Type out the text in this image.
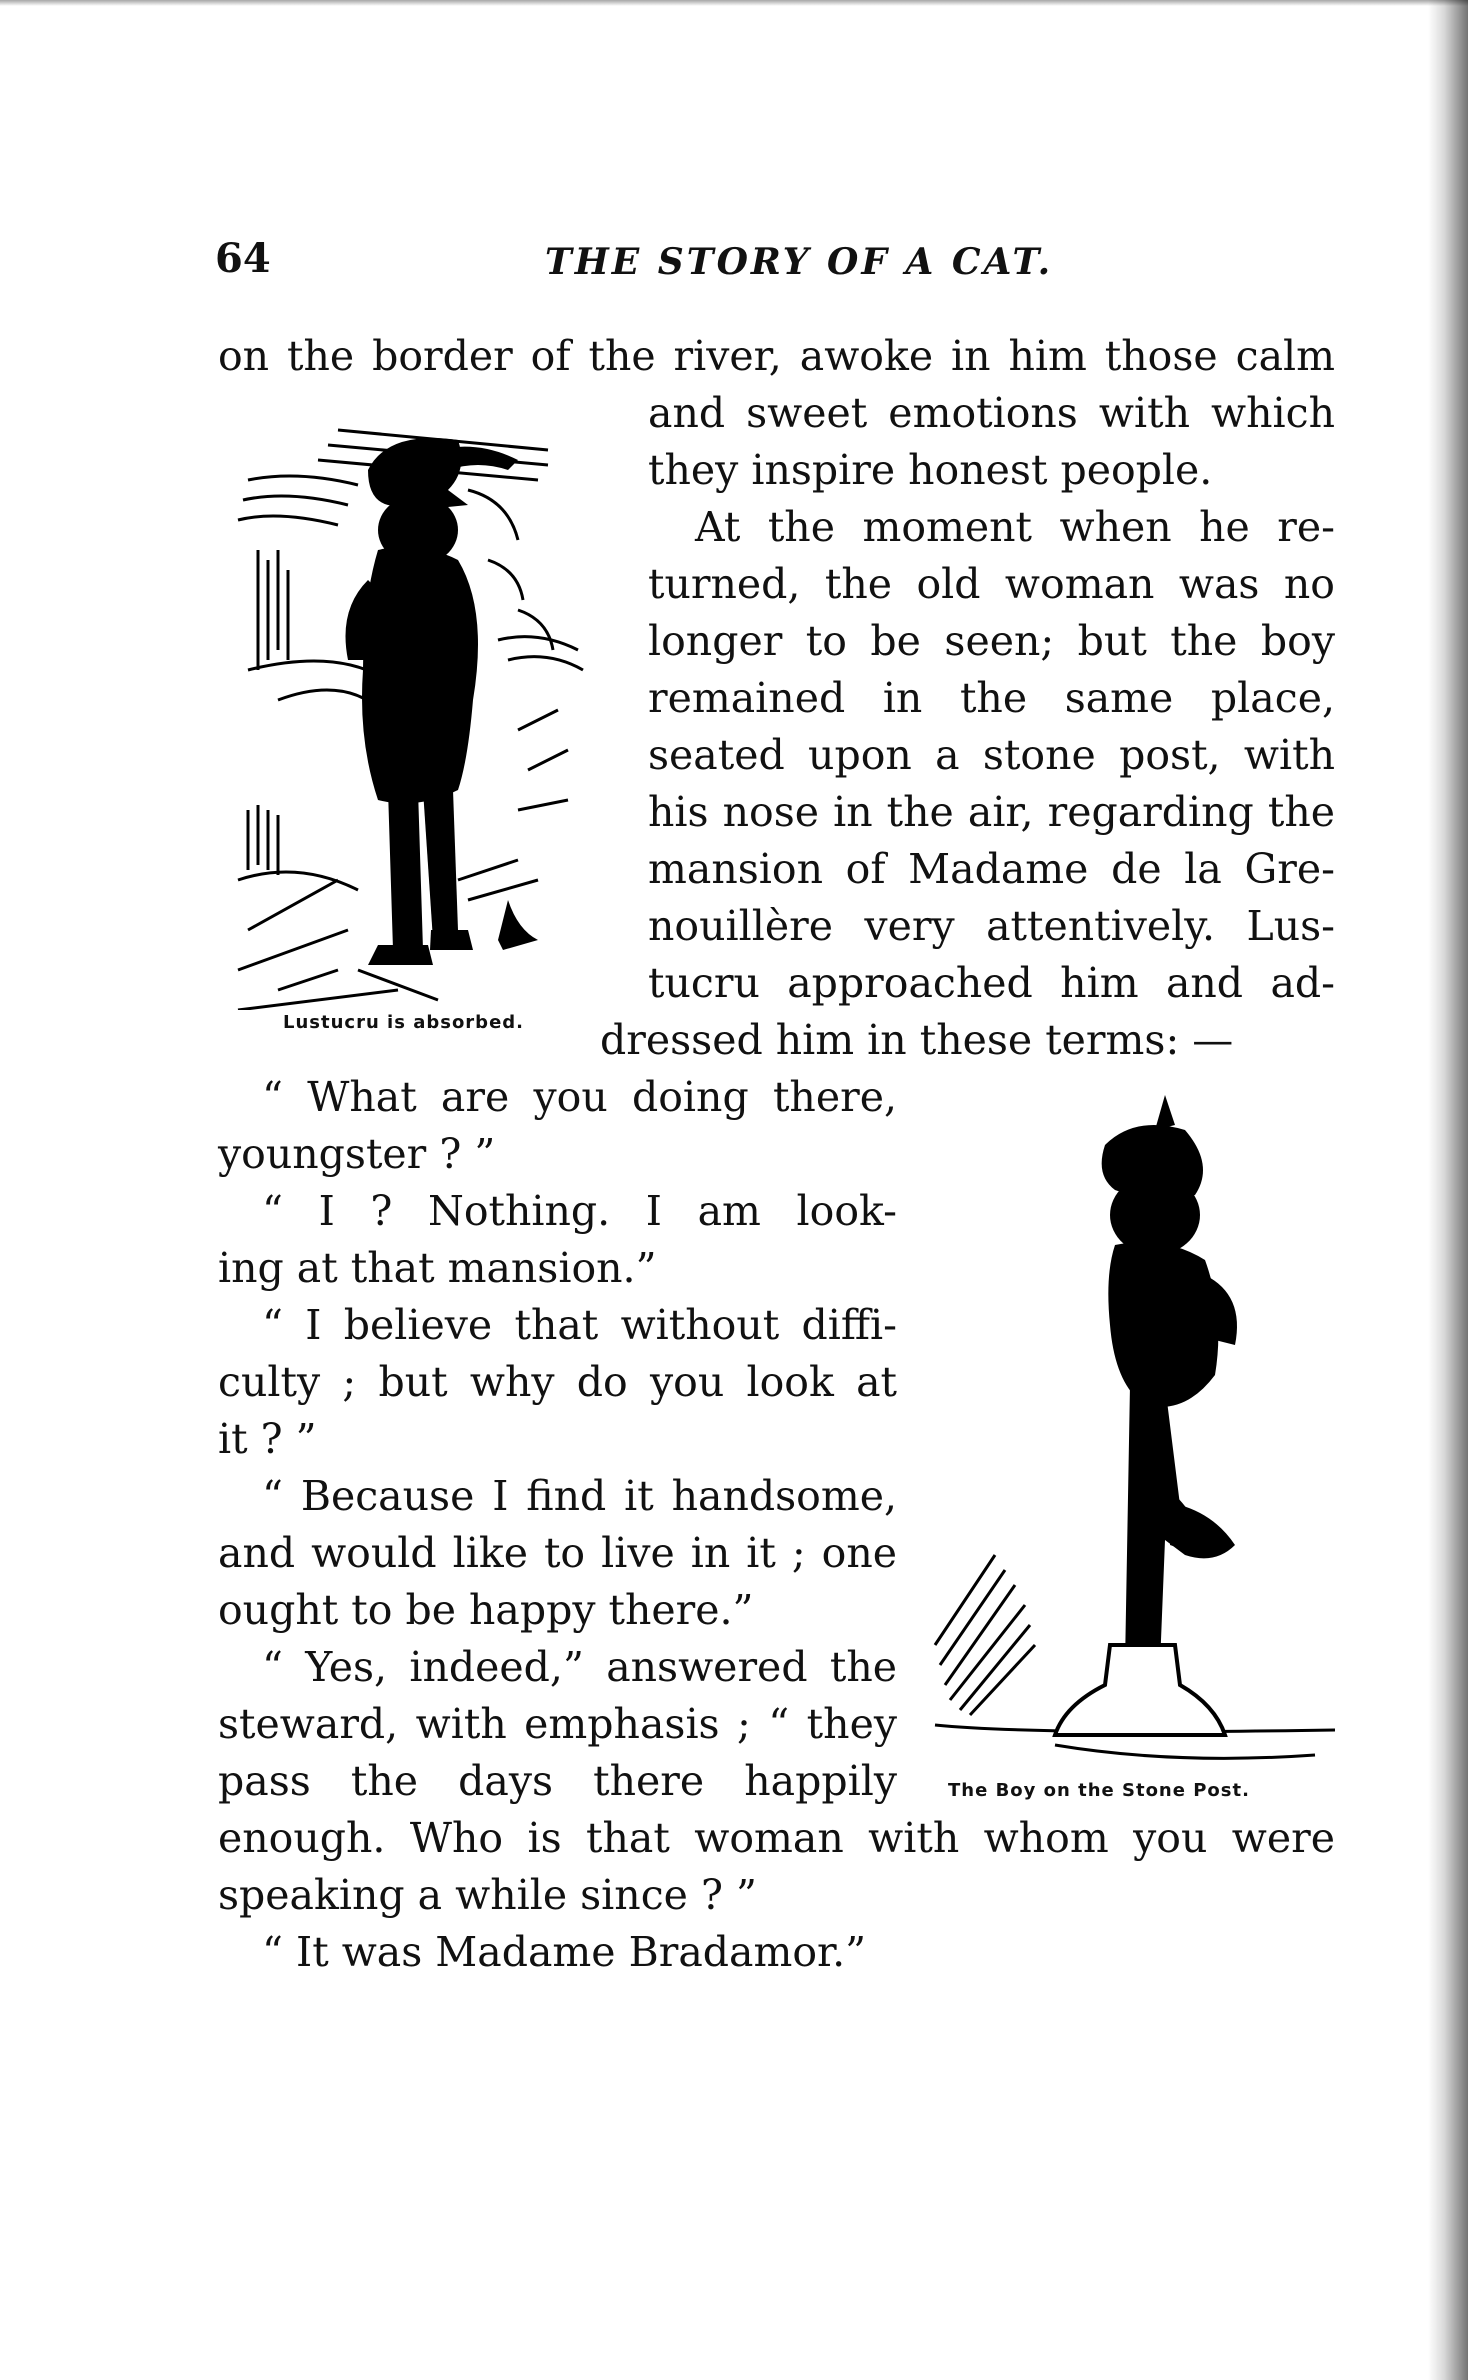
64	THE STORY OF A CAT.
Lustucru is absorbed.
The Boy on the Stone Post.
on the border of the river, awoke in him those calm
and sweet emotions with which
they inspire honest people.
At the moment when he re-
turned, the old woman was no
longer to be seen; but the boy
remained in the same place,
seated upon a stone post, with
his nose in the air, regarding the
mansion of Madame de la Gre-
nouillère very attentively. Lus-
tucru approached him and ad-
dressed him in these terms: —
“ What are you doing there,
youngster ? ”
“ I ? Nothing. I am look-
ing at that mansion.”
“ I believe that without diffi-
culty ; but why do you look at
it ? ”
“ Because I find it handsome,
and would like to live in it ; one
ought to be happy there.”
“ Yes, indeed,” answered the
steward, with emphasis ; “ they
pass the days there happily
enough. Who is that woman with whom you were
speaking a while since ? ”
“ It was Madame Bradamor.”
